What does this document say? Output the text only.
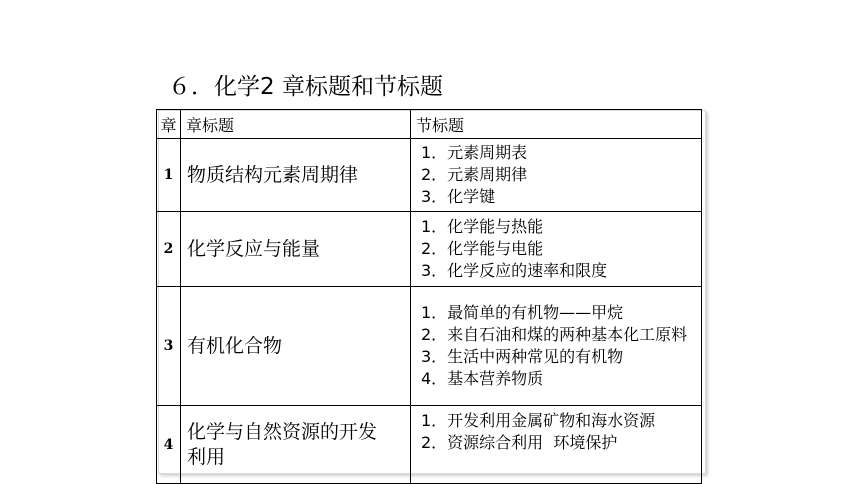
６．化学2 章标题和节标题
章	章标题	节标题
1	物质结构元素周期律	1．元素周期表
2．元素周期律
3．化学键

2	化学反应与能量	1．化学能与热能
2．化学能与电能
3．化学反应的速率和限度

3	有机化合物	1．最简单的有机物——甲烷
2．来自石油和煤的两种基本化工原料
3．生活中两种常见的有机物
4．基本营养物质

4	化学与自然资源的开发利用	1．开发利用金属矿物和海水资源
2．资源综合利用  环境保护
